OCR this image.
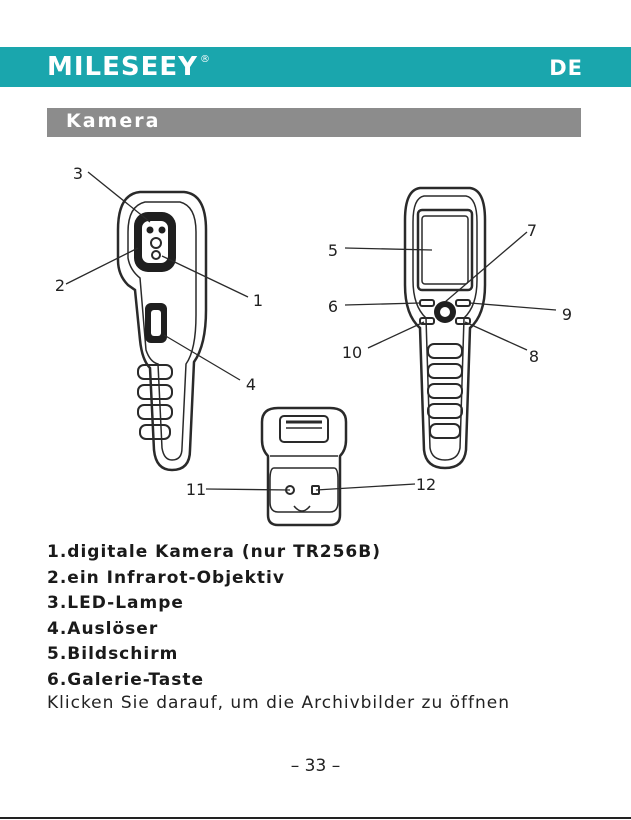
MILESEEY ®	DE
Kamera
3
2
1
4
5
6
7
8
9
10
11	12
1.digitale Kamera (nur TR256B)
2.ein Infrarot-Objektiv
3.LED-Lampe
4.Auslöser
5.Bildschirm
6.Galerie-Taste
Klicken Sie darauf, um die Archivbilder zu öffnen
– 33 –
